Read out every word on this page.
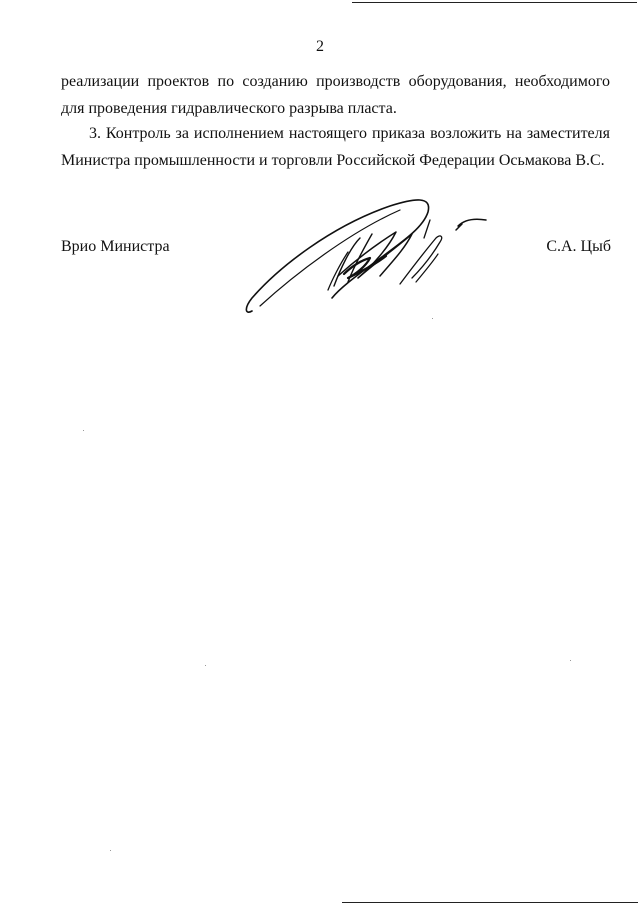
2
реализации проектов по созданию производств оборудования, необходимого
для проведения гидравлического разрыва пласта.
3. Контроль за исполнением настоящего приказа возложить на заместителя
Министра промышленности и торговли Российской Федерации Осьмакова В.С.
Врио Министра	С.А. Цыб
